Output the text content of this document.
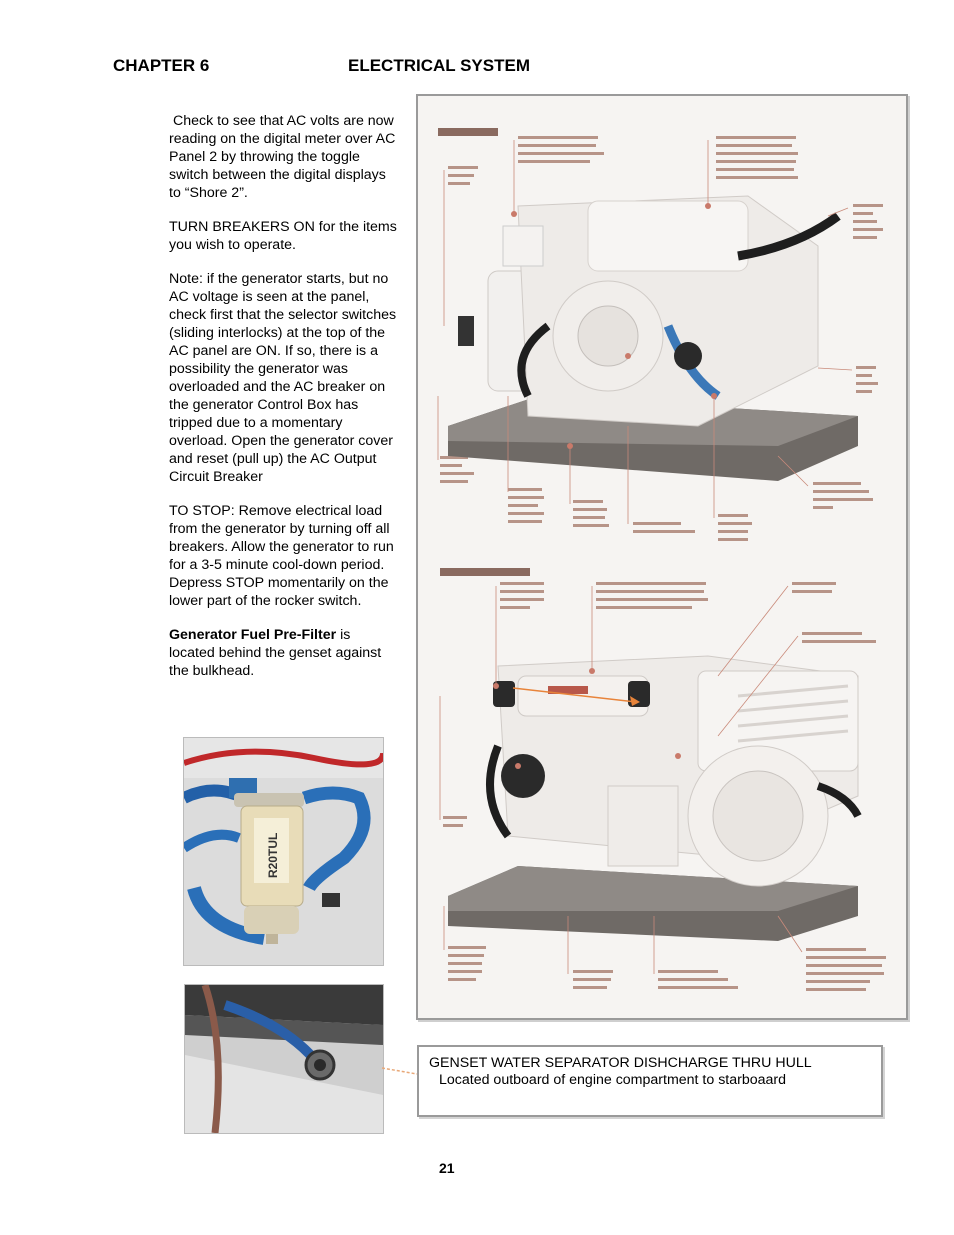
CHAPTER 6	ELECTRICAL SYSTEM

Check to see that AC volts are now reading on the digital meter over AC Panel 2 by throwing the toggle switch between the digital displays to “Shore 2”.

TURN BREAKERS ON for the items you wish to operate.

Note: if the generator starts, but no AC voltage is seen at the panel, check first that the selector switches (sliding interlocks) at the top of the AC panel are ON. If so, there is a possibility the generator was overloaded and the AC breaker on the generator Control Box has tripped due to a momentary overload. Open the generator cover and reset (pull up) the AC Output Circuit Breaker

TO STOP: Remove electrical load from the generator by turning off all breakers. Allow the generator to run for a 3-5 minute cool-down period. Depress STOP momentarily on the lower part of the rocker switch.

Generator Fuel Pre-Filter is located behind the genset against the bulkhead.

R20TUL
GENSET WATER SEPARATOR DISHCHARGE THRU HULL
Located outboard of engine compartment to starboaard
21
